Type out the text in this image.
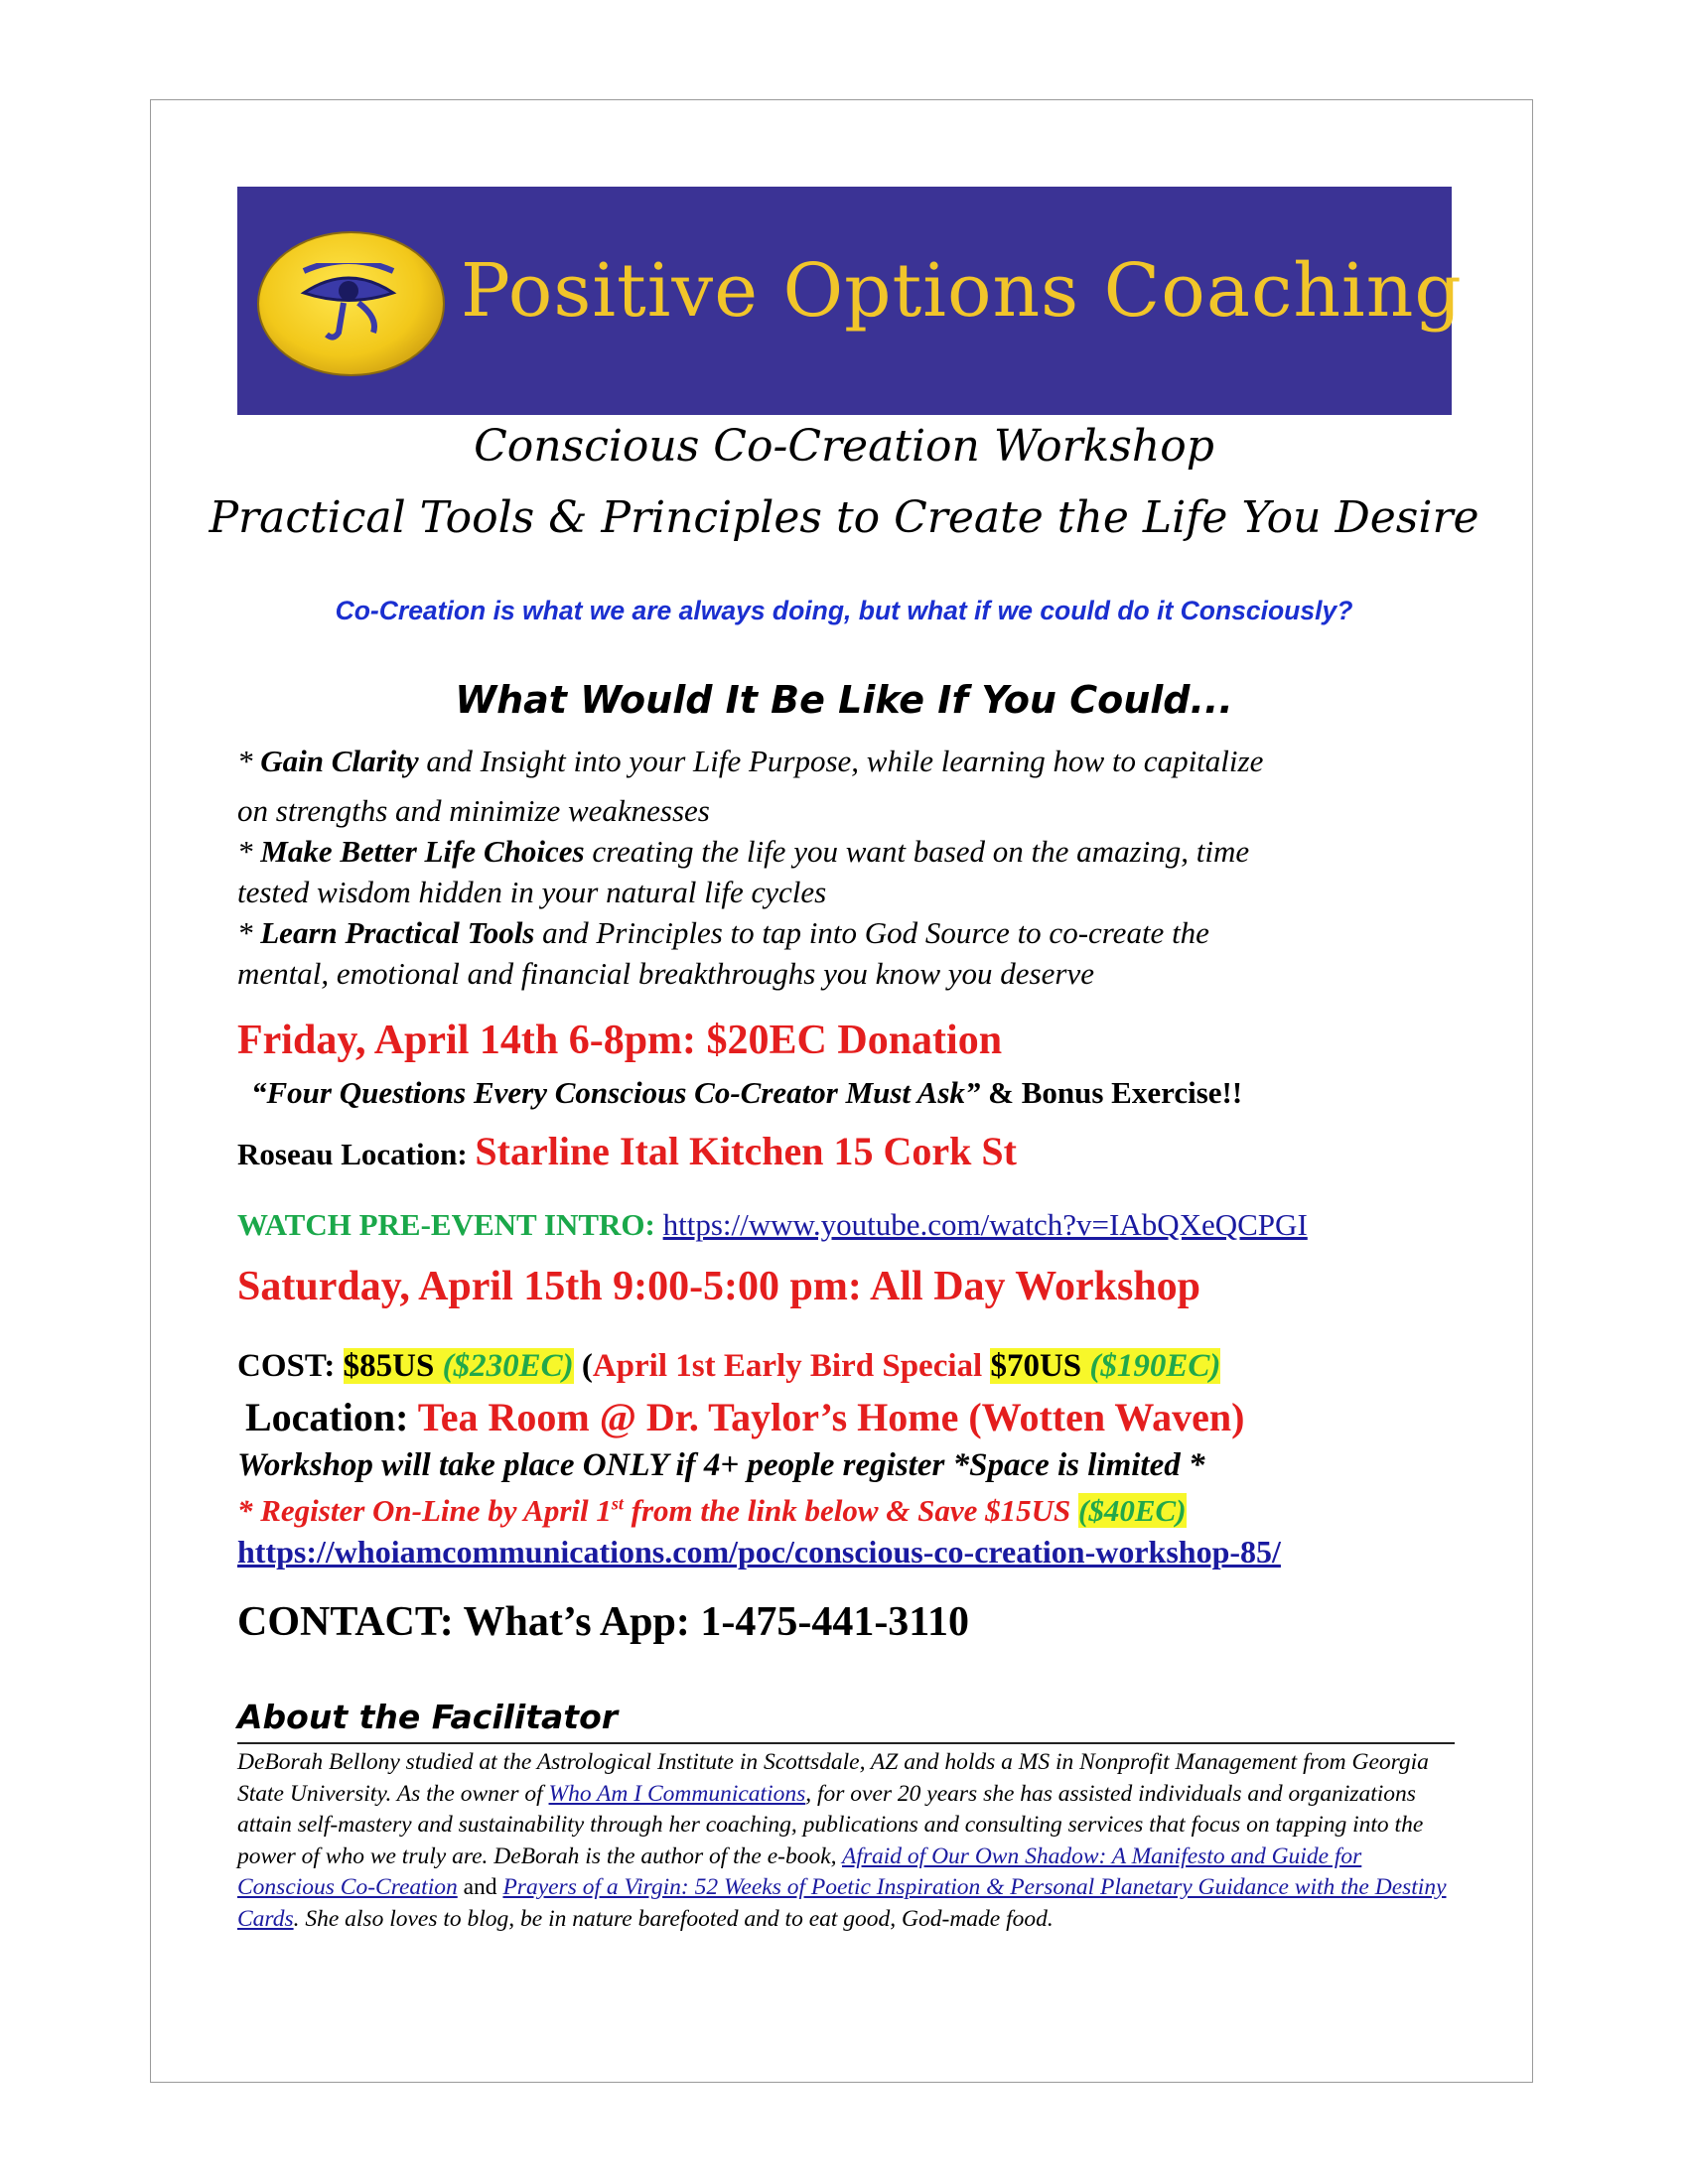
Positive Options Coaching
Conscious Co-Creation Workshop
Practical Tools & Principles to Create the Life You Desire
Co-Creation is what we are always doing, but what if we could do it Consciously?
What Would It Be Like If You Could...
* Gain Clarity and Insight into your Life Purpose, while learning how to capitalize
on strengths and minimize weaknesses
* Make Better Life Choices creating the life you want based on the amazing, time
tested wisdom hidden in your natural life cycles
* Learn Practical Tools and Principles to tap into God Source to co-create the
mental, emotional and financial breakthroughs you know you deserve
Friday, April 14th 6-8pm: $20EC Donation
“Four Questions Every Conscious Co-Creator Must Ask” & Bonus Exercise!!
Roseau Location: Starline Ital Kitchen 15 Cork St
WATCH PRE-EVENT INTRO: https://www.youtube.com/watch?v=IAbQXeQCPGI
Saturday, April 15th 9:00-5:00 pm: All Day Workshop
COST: $85US ($230EC) (April 1st Early Bird Special $70US ($190EC)
Location: Tea Room @ Dr. Taylor’s Home (Wotten Waven)
Workshop will take place ONLY if 4+ people register *Space is limited *
* Register On-Line by April 1st from the link below & Save $15US ($40EC)
https://whoiamcommunications.com/poc/conscious-co-creation-workshop-85/
CONTACT: What’s App: 1-475-441-3110
About the Facilitator
DeBorah Bellony studied at the Astrological Institute in Scottsdale, AZ and holds a MS in Nonprofit Management from Georgia State University. As the owner of Who Am I Communications, for over 20 years she has assisted individuals and organizations attain self-mastery and sustainability through her coaching, publications and consulting services that focus on tapping into the power of who we truly are. DeBorah is the author of the e-book, Afraid of Our Own Shadow: A Manifesto and Guide for Conscious Co-Creation and Prayers of a Virgin: 52 Weeks of Poetic Inspiration & Personal Planetary Guidance with the Destiny Cards. She also loves to blog, be in nature barefooted and to eat good, God-made food.
